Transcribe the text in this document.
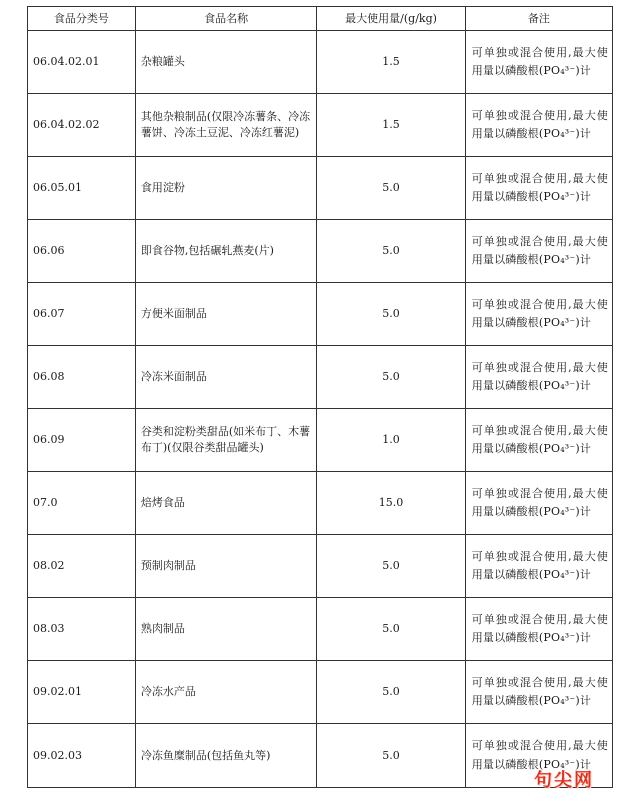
食品分类号	食品名称	最大使用量/(g/kg)	备注
06.04.02.01	杂粮罐头	1.5	可单独或混合使用,最大使用量以磷酸根(PO₄³⁻)计
06.04.02.02	其他杂粮制品(仅限冷冻薯条、冷冻薯饼、冷冻土豆泥、冷冻红薯泥)	1.5	可单独或混合使用,最大使用量以磷酸根(PO₄³⁻)计
06.05.01	食用淀粉	5.0	可单独或混合使用,最大使用量以磷酸根(PO₄³⁻)计
06.06	即食谷物,包括碾轧燕麦(片)	5.0	可单独或混合使用,最大使用量以磷酸根(PO₄³⁻)计
06.07	方便米面制品	5.0	可单独或混合使用,最大使用量以磷酸根(PO₄³⁻)计
06.08	冷冻米面制品	5.0	可单独或混合使用,最大使用量以磷酸根(PO₄³⁻)计
06.09	谷类和淀粉类甜品(如米布丁、木薯布丁)(仅限谷类甜品罐头)	1.0	可单独或混合使用,最大使用量以磷酸根(PO₄³⁻)计
07.0	焙烤食品	15.0	可单独或混合使用,最大使用量以磷酸根(PO₄³⁻)计
08.02	预制肉制品	5.0	可单独或混合使用,最大使用量以磷酸根(PO₄³⁻)计
08.03	熟肉制品	5.0	可单独或混合使用,最大使用量以磷酸根(PO₄³⁻)计
09.02.01	冷冻水产品	5.0	可单独或混合使用,最大使用量以磷酸根(PO₄³⁻)计
09.02.03	冷冻鱼糜制品(包括鱼丸等)	5.0	可单独或混合使用,最大使用量以磷酸根(PO₄³⁻)计
句尖网
